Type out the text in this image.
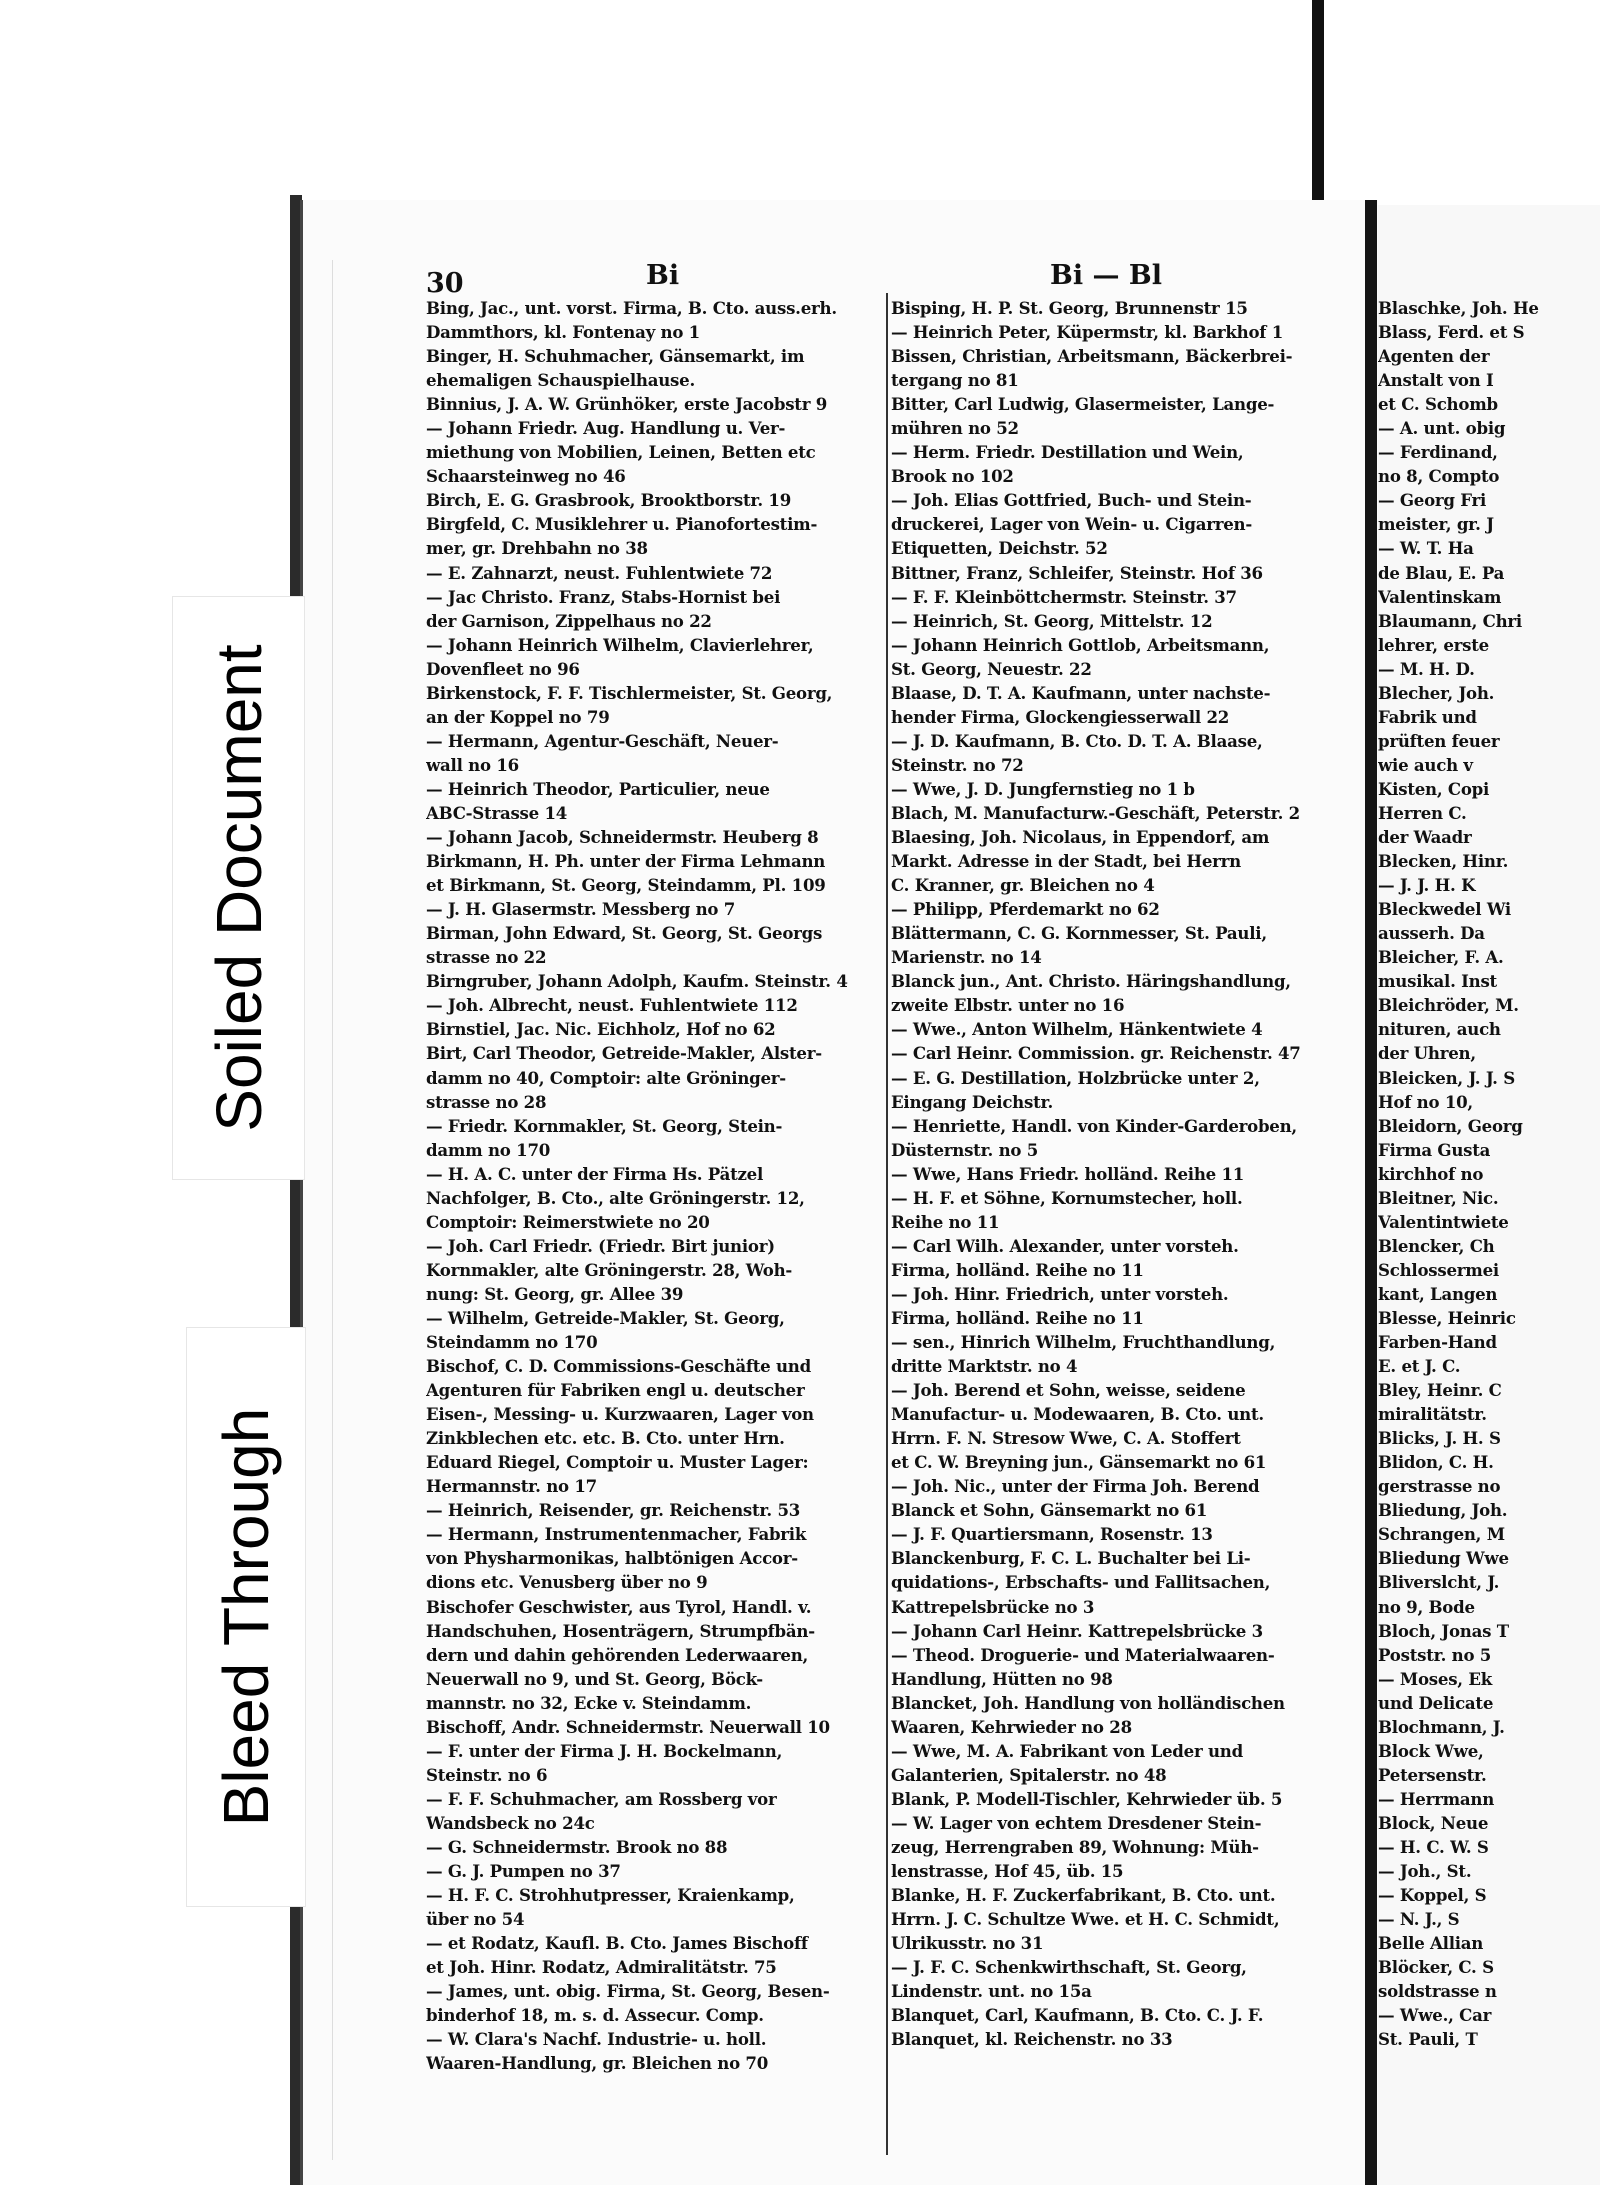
Soiled Document
Bleed Through
30	Bi	Bi — Bl
Bing, Jac., unt. vorst. Firma, B. Cto. auss.erh.
Dammthors, kl. Fontenay no 1
Binger, H. Schuhmacher, Gänsemarkt, im
ehemaligen Schauspielhause.
Binnius, J. A. W. Grünhöker, erste Jacobstr 9
— Johann Friedr. Aug. Handlung u. Ver-
miethung von Mobilien, Leinen, Betten etc
Schaarsteinweg no 46
Birch, E. G. Grasbrook, Brooktborstr. 19
Birgfeld, C. Musiklehrer u. Pianofortestim-
mer, gr. Drehbahn no 38
— E. Zahnarzt, neust. Fuhlentwiete 72
— Jac Christo. Franz, Stabs-Hornist bei
der Garnison, Zippelhaus no 22
— Johann Heinrich Wilhelm, Clavierlehrer,
Dovenfleet no 96
Birkenstock, F. F. Tischlermeister, St. Georg,
an der Koppel no 79
— Hermann, Agentur-Geschäft, Neuer-
wall no 16
— Heinrich Theodor, Particulier, neue
ABC-Strasse 14
— Johann Jacob, Schneidermstr. Heuberg 8
Birkmann, H. Ph. unter der Firma Lehmann
et Birkmann, St. Georg, Steindamm, Pl. 109
— J. H. Glasermstr. Messberg no 7
Birman, John Edward, St. Georg, St. Georgs
strasse no 22
Birngruber, Johann Adolph, Kaufm. Steinstr. 4
— Joh. Albrecht, neust. Fuhlentwiete 112
Birnstiel, Jac. Nic. Eichholz, Hof no 62
Birt, Carl Theodor, Getreide-Makler, Alster-
damm no 40, Comptoir: alte Gröninger-
strasse no 28
— Friedr. Kornmakler, St. Georg, Stein-
damm no 170
— H. A. C. unter der Firma Hs. Pätzel
Nachfolger, B. Cto., alte Gröningerstr. 12,
Comptoir: Reimerstwiete no 20
— Joh. Carl Friedr. (Friedr. Birt junior)
Kornmakler, alte Gröningerstr. 28, Woh-
nung: St. Georg, gr. Allee 39
— Wilhelm, Getreide-Makler, St. Georg,
Steindamm no 170
Bischof, C. D. Commissions-Geschäfte und
Agenturen für Fabriken engl u. deutscher
Eisen-, Messing- u. Kurzwaaren, Lager von
Zinkblechen etc. etc. B. Cto. unter Hrn.
Eduard Riegel, Comptoir u. Muster Lager:
Hermannstr. no 17
— Heinrich, Reisender, gr. Reichenstr. 53
— Hermann, Instrumentenmacher, Fabrik
von Physharmonikas, halbtönigen Accor-
dions etc. Venusberg über no 9
Bischofer Geschwister, aus Tyrol, Handl. v.
Handschuhen, Hosenträgern, Strumpfbän-
dern und dahin gehörenden Lederwaaren,
Neuerwall no 9, und St. Georg, Böck-
mannstr. no 32, Ecke v. Steindamm.
Bischoff, Andr. Schneidermstr. Neuerwall 10
— F. unter der Firma J. H. Bockelmann,
Steinstr. no 6
— F. F. Schuhmacher, am Rossberg vor
Wandsbeck no 24c
— G. Schneidermstr. Brook no 88
— G. J. Pumpen no 37
— H. F. C. Strohhutpresser, Kraienkamp,
über no 54
— et Rodatz, Kaufl. B. Cto. James Bischoff
et Joh. Hinr. Rodatz, Admiralitätstr. 75
— James, unt. obig. Firma, St. Georg, Besen-
binderhof 18, m. s. d. Assecur. Comp.
— W. Clara's Nachf. Industrie- u. holl.
Waaren-Handlung, gr. Bleichen no 70
Bisping, H. P. St. Georg, Brunnenstr 15
— Heinrich Peter, Küpermstr, kl. Barkhof 1
Bissen, Christian, Arbeitsmann, Bäckerbrei-
tergang no 81
Bitter, Carl Ludwig, Glasermeister, Lange-
mühren no 52
— Herm. Friedr. Destillation und Wein,
Brook no 102
— Joh. Elias Gottfried, Buch- und Stein-
druckerei, Lager von Wein- u. Cigarren-
Etiquetten, Deichstr. 52
Bittner, Franz, Schleifer, Steinstr. Hof 36
— F. F. Kleinböttchermstr. Steinstr. 37
— Heinrich, St. Georg, Mittelstr. 12
— Johann Heinrich Gottlob, Arbeitsmann,
St. Georg, Neuestr. 22
Blaase, D. T. A. Kaufmann, unter nachste-
hender Firma, Glockengiesserwall 22
— J. D. Kaufmann, B. Cto. D. T. A. Blaase,
Steinstr. no 72
— Wwe, J. D. Jungfernstieg no 1 b
Blach, M. Manufacturw.-Geschäft, Peterstr. 2
Blaesing, Joh. Nicolaus, in Eppendorf, am
Markt. Adresse in der Stadt, bei Herrn
C. Kranner, gr. Bleichen no 4
— Philipp, Pferdemarkt no 62
Blättermann, C. G. Kornmesser, St. Pauli,
Marienstr. no 14
Blanck jun., Ant. Christo. Häringshandlung,
zweite Elbstr. unter no 16
— Wwe., Anton Wilhelm, Hänkentwiete 4
— Carl Heinr. Commission. gr. Reichenstr. 47
— E. G. Destillation, Holzbrücke unter 2,
Eingang Deichstr.
— Henriette, Handl. von Kinder-Garderoben,
Düsternstr. no 5
— Wwe, Hans Friedr. holländ. Reihe 11
— H. F. et Söhne, Kornumstecher, holl.
Reihe no 11
— Carl Wilh. Alexander, unter vorsteh.
Firma, holländ. Reihe no 11
— Joh. Hinr. Friedrich, unter vorsteh.
Firma, holländ. Reihe no 11
— sen., Hinrich Wilhelm, Fruchthandlung,
dritte Marktstr. no 4
— Joh. Berend et Sohn, weisse, seidene
Manufactur- u. Modewaaren, B. Cto. unt.
Hrrn. F. N. Stresow Wwe, C. A. Stoffert
et C. W. Breyning jun., Gänsemarkt no 61
— Joh. Nic., unter der Firma Joh. Berend
Blanck et Sohn, Gänsemarkt no 61
— J. F. Quartiersmann, Rosenstr. 13
Blanckenburg, F. C. L. Buchalter bei Li-
quidations-, Erbschafts- und Fallitsachen,
Kattrepelsbrücke no 3
— Johann Carl Heinr. Kattrepelsbrücke 3
— Theod. Droguerie- und Materialwaaren-
Handlung, Hütten no 98
Blancket, Joh. Handlung von holländischen
Waaren, Kehrwieder no 28
— Wwe, M. A. Fabrikant von Leder und
Galanterien, Spitalerstr. no 48
Blank, P. Modell-Tischler, Kehrwieder üb. 5
— W. Lager von echtem Dresdener Stein-
zeug, Herrengraben 89, Wohnung: Müh-
lenstrasse, Hof 45, üb. 15
Blanke, H. F. Zuckerfabrikant, B. Cto. unt.
Hrrn. J. C. Schultze Wwe. et H. C. Schmidt,
Ulrikusstr. no 31
— J. F. C. Schenkwirthschaft, St. Georg,
Lindenstr. unt. no 15a
Blanquet, Carl, Kaufmann, B. Cto. C. J. F.
Blanquet, kl. Reichenstr. no 33
Blaschke, Joh. He
Blass, Ferd. et S
Agenten der
Anstalt von I
et C. Schomb
— A. unt. obig
— Ferdinand,
no 8, Compto
— Georg Fri
meister, gr. J
— W. T. Ha
de Blau, E. Pa
Valentinskam
Blaumann, Chri
lehrer, erste
— M. H. D.
Blecher, Joh.
Fabrik und
prüften feuer
wie auch v
Kisten, Copi
Herren C.
der Waadr
Blecken, Hinr.
— J. J. H. K
Bleckwedel Wi
ausserh. Da
Bleicher, F. A.
musikal. Inst
Bleichröder, M.
nituren, auch
der Uhren,
Bleicken, J. J. S
Hof no 10,
Bleidorn, Georg
Firma Gusta
kirchhof no
Bleitner, Nic.
Valentintwiete
Blencker, Ch
Schlossermei
kant, Langen
Blesse, Heinric
Farben-Hand
E. et J. C.
Bley, Heinr. C
miralitätstr.
Blicks, J. H. S
Blidon, C. H.
gerstrasse no
Bliedung, Joh.
Schrangen, M
Bliedung Wwe
Bliverslcht, J.
no 9, Bode
Bloch, Jonas T
Poststr. no 5
— Moses, Ek
und Delicate
Blochmann, J.
Block Wwe,
Petersenstr.
— Herrmann
Block, Neue
— H. C. W. S
— Joh., St.
— Koppel, S
— N. J., S
Belle Allian
Blöcker, C. S
soldstrasse n
— Wwe., Car
St. Pauli, T
